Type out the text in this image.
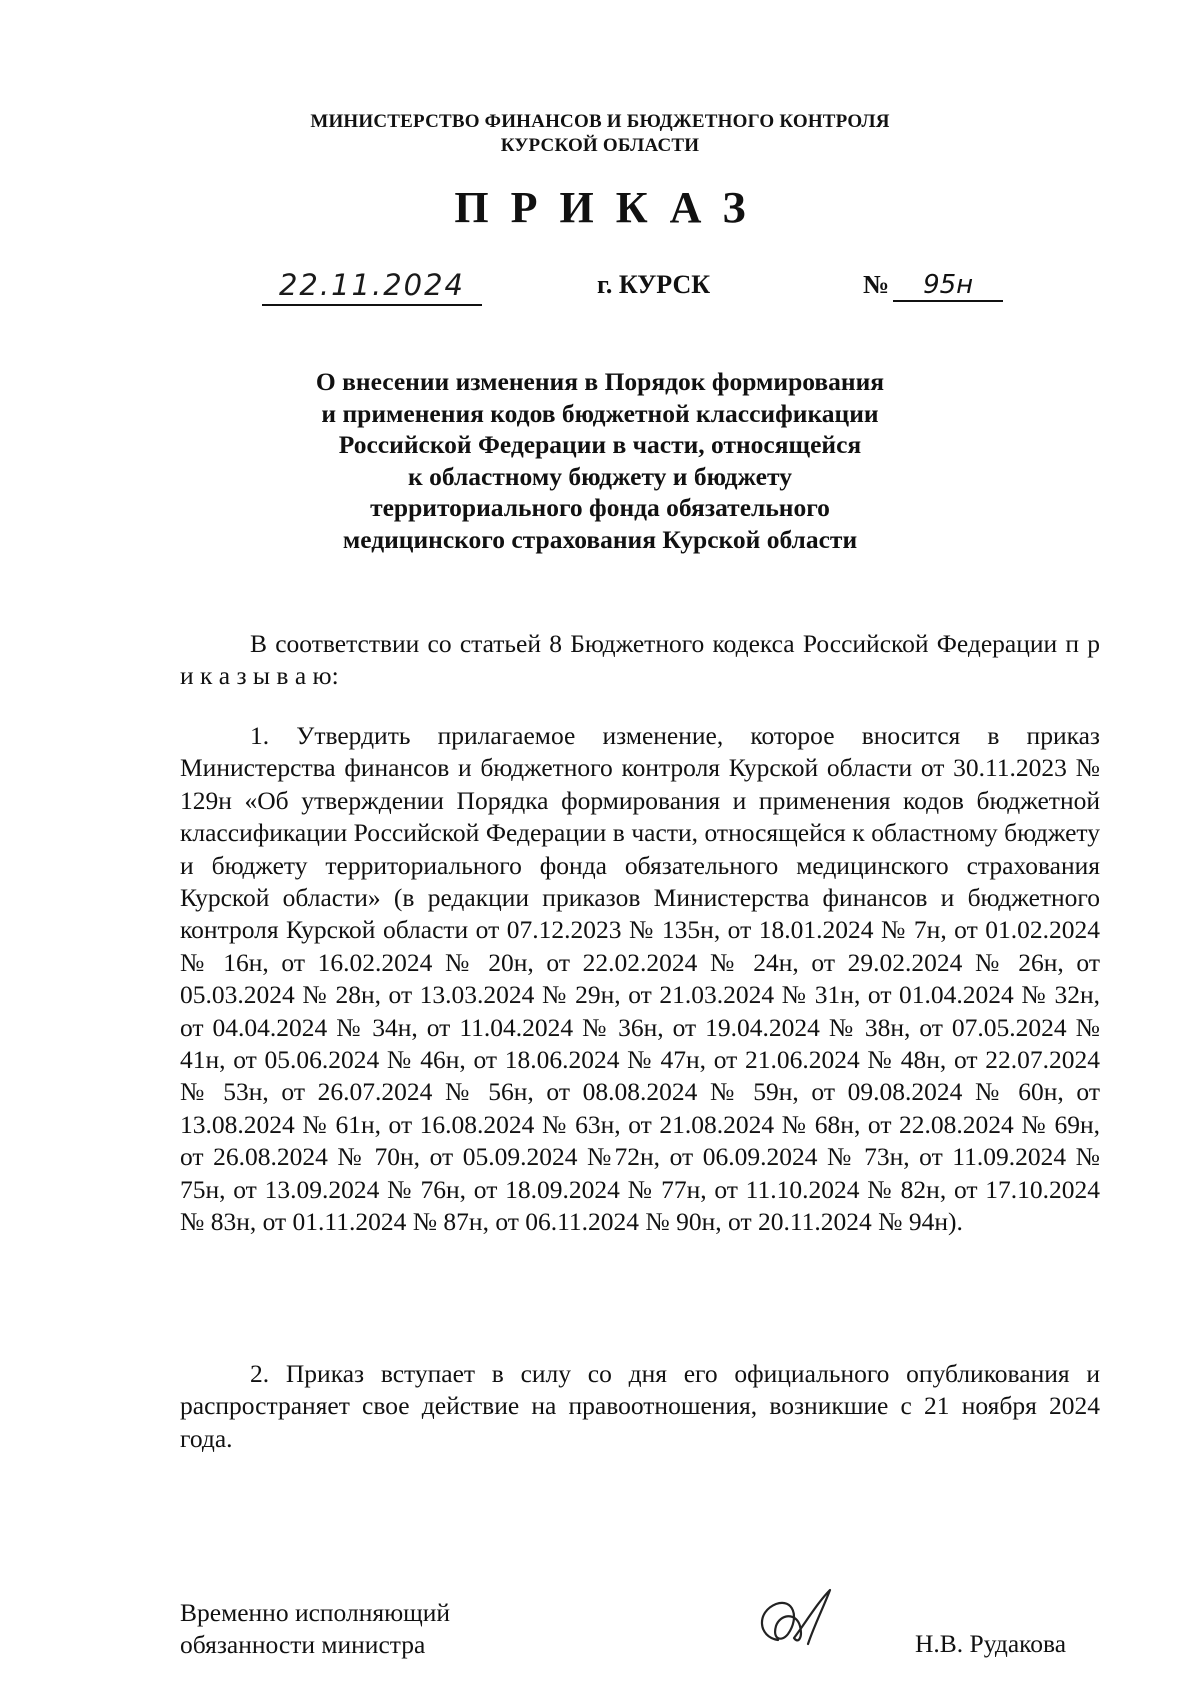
МИНИСТЕРСТВО ФИНАНСОВ И БЮДЖЕТНОГО КОНТРОЛЯ
КУРСКОЙ ОБЛАСТИ
ПРИКАЗ
22.11.2024	г. КУРСК	№ 95н
О внесении изменения в Порядок формирования
и применения кодов бюджетной классификации
Российской Федерации в части, относящейся
к областному бюджету и бюджету
территориального фонда обязательного
медицинского страхования Курской области
В соответствии со статьей 8 Бюджетного кодекса Российской Федерации п р и к а з ы в а ю:
1. Утвердить прилагаемое изменение, которое вносится в приказ Министерства финансов и бюджетного контроля Курской области от 30.11.2023 № 129н «Об утверждении Порядка формирования и применения кодов бюджетной классификации Российской Федерации в части, относящейся к областному бюджету и бюджету территориального фонда обязательного медицинского страхования Курской области» (в редакции приказов Министерства финансов и бюджетного контроля Курской области от 07.12.2023 № 135н, от 18.01.2024 № 7н, от 01.02.2024 № 16н, от 16.02.2024 № 20н, от 22.02.2024 № 24н, от 29.02.2024 № 26н, от 05.03.2024 № 28н, от 13.03.2024 № 29н, от 21.03.2024 № 31н, от 01.04.2024 № 32н, от 04.04.2024 № 34н, от 11.04.2024 № 36н, от 19.04.2024 № 38н, от 07.05.2024 № 41н, от 05.06.2024 № 46н, от 18.06.2024 № 47н, от 21.06.2024 № 48н, от 22.07.2024 № 53н, от 26.07.2024 № 56н, от 08.08.2024 № 59н, от 09.08.2024 № 60н, от 13.08.2024 № 61н, от 16.08.2024 № 63н, от 21.08.2024 № 68н, от 22.08.2024 № 69н, от 26.08.2024 № 70н, от 05.09.2024 №72н, от 06.09.2024 № 73н, от 11.09.2024 № 75н, от 13.09.2024 № 76н, от 18.09.2024 № 77н, от 11.10.2024 № 82н, от 17.10.2024 № 83н, от 01.11.2024 № 87н, от 06.11.2024 № 90н, от 20.11.2024 № 94н).
2. Приказ вступает в силу со дня его официального опубликования и распространяет свое действие на правоотношения, возникшие с 21 ноября 2024 года.
Временно исполняющий
обязанности министра	Н.В. Рудакова
